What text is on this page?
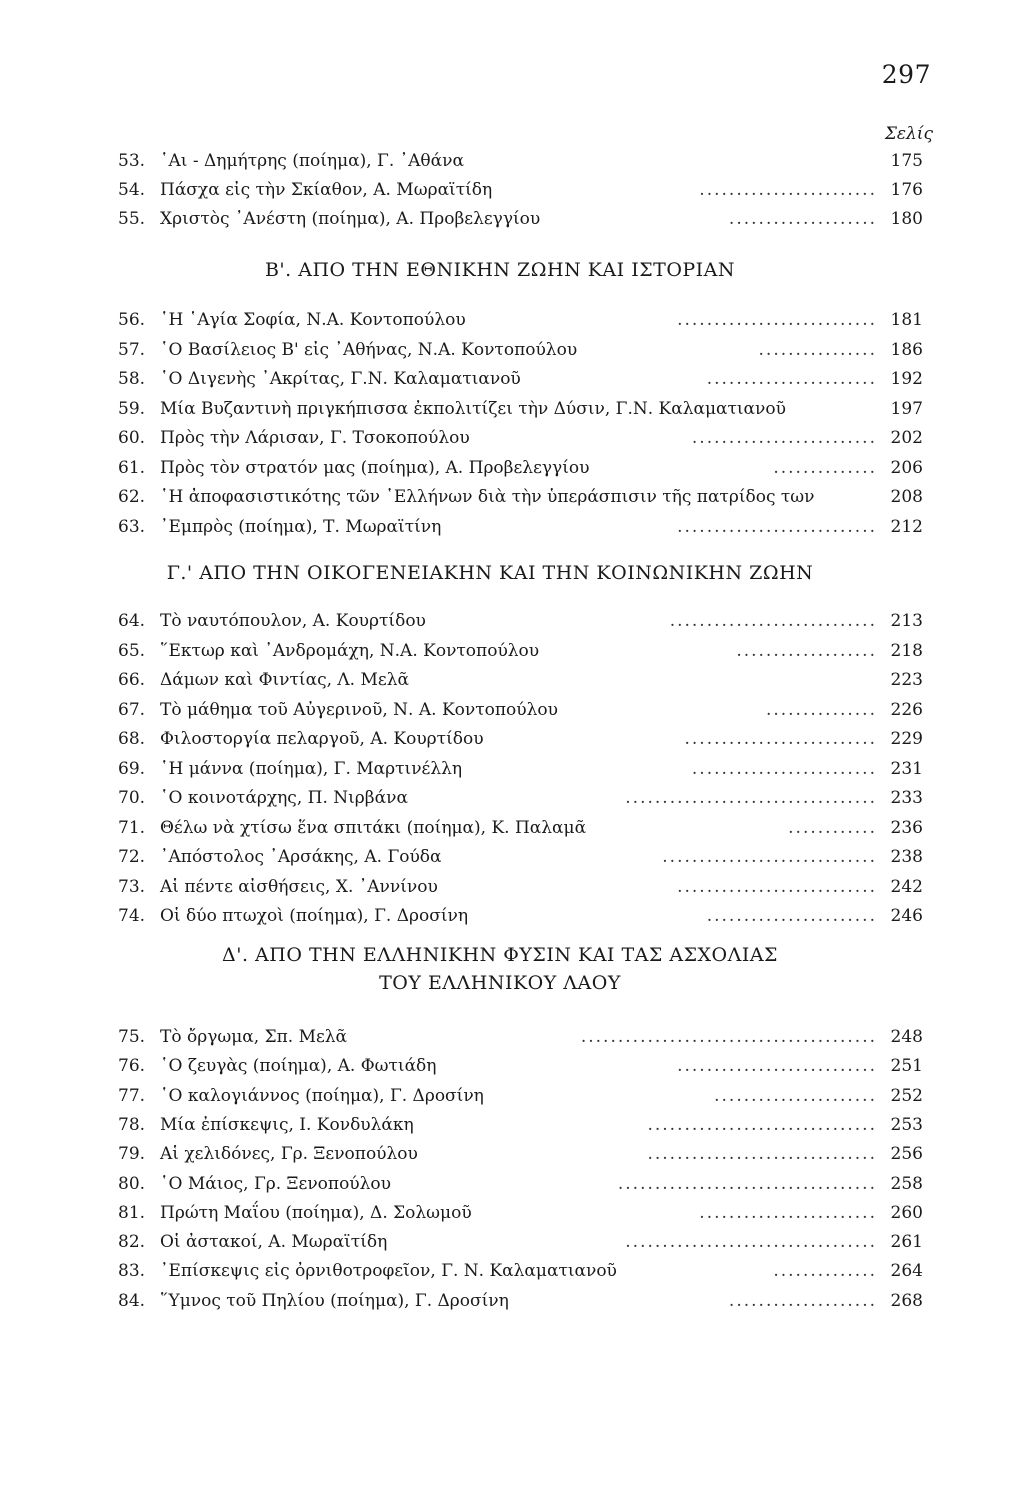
297
Σελίς
Β'. ΑΠΟ ΤΗΝ ΕΘΝΙΚΗΝ ΖΩΗΝ ΚΑΙ ΙΣΤΟΡΙΑΝ
Γ.' ΑΠΟ ΤΗΝ ΟΙΚΟΓΕΝΕΙΑΚΗΝ ΚΑΙ ΤΗΝ ΚΟΙΝΩΝΙΚΗΝ ΖΩΗΝ
Δ'. ΑΠΟ ΤΗΝ ΕΛΛΗΝΙΚΗΝ ΦΥΣΙΝ ΚΑΙ ΤΑΣ ΑΣΧΟΛΙΑΣ
ΤΟΥ ΕΛΛΗΝΙΚΟΥ ΛΑΟΥ
53. ῾Αι - Δημήτρης (ποίημα), Γ. ᾿Αθάνα	175
54. Πάσχα εἰς τὴν Σκίαθον, Α. Μωραϊτίδη	176
........................
55. Χριστὸς ᾿Ανέστη (ποίημα), Α. Προβελεγγίου	180
....................
56. ῾Η ῾Αγία Σοφία, Ν.Α. Κοντοπούλου	181
...........................
57. ῾Ο Βασίλειος Β' εἰς ᾿Αθήνας, Ν.Α. Κοντοπούλου	186
................
58. ῾Ο Διγενὴς ᾿Ακρίτας, Γ.Ν. Καλαματιανοῦ	192
.......................
59. Μία Βυζαντινὴ πριγκήπισσα ἐκπολιτίζει τὴν Δύσιν, Γ.Ν. Καλαματιανοῦ	197
60. Πρὸς τὴν Λάρισαν, Γ. Τσοκοπούλου	202
.........................
61. Πρὸς τὸν στρατόν μας (ποίημα), Α. Προβελεγγίου	206
..............
62. ῾Η ἀποφασιστικότης τῶν ῾Ελλήνων διὰ τὴν ὑπεράσπισιν τῆς πατρίδος των	208
63. ᾿Εμπρὸς (ποίημα), Τ. Μωραϊτίνη	212
...........................
64. Τὸ ναυτόπουλον, Α. Κουρτίδου	213
............................
65. ῞Εκτωρ καὶ ᾿Ανδρομάχη, Ν.Α. Κοντοπούλου	218
...................
66. Δάμων καὶ Φιντίας, Λ. Μελᾶ	223
67. Τὸ μάθημα τοῦ Αὐγερινοῦ, Ν. Α. Κοντοπούλου	226
...............
68. Φιλοστοργία πελαργοῦ, Α. Κουρτίδου	229
..........................
69. ῾Η μάννα (ποίημα), Γ. Μαρτινέλλη	231
.........................
70. ῾Ο κοινοτάρχης, Π. Νιρβάνα	233
..................................
71. Θέλω νὰ χτίσω ἕνα σπιτάκι (ποίημα), Κ. Παλαμᾶ	236
............
72. ᾿Απόστολος ᾿Αρσάκης, Α. Γούδα	238
.............................
73. Αἱ πέντε αἰσθήσεις, Χ. ᾿Αννίνου	242
...........................
74. Οἱ δύο πτωχοὶ (ποίημα), Γ. Δροσίνη	246
.......................
75. Τὸ ὄργωμα, Σπ. Μελᾶ	248
........................................
76. ῾Ο ζευγὰς (ποίημα), Α. Φωτιάδη	251
...........................
77. ῾Ο καλογιάννος (ποίημα), Γ. Δροσίνη	252
......................
78. Μία ἐπίσκεψις, Ι. Κονδυλάκη	253
...............................
79. Αἱ χελιδόνες, Γρ. Ξενοπούλου	256
...............................
80. ῾Ο Μάιος, Γρ. Ξενοπούλου	258
...................................
81. Πρώτη Μαΐου (ποίημα), Δ. Σολωμοῦ	260
........................
82. Οἱ ἀστακοί, Α. Μωραϊτίδη	261
..................................
83. ᾿Επίσκεψις εἰς ὀρνιθοτροφεῖον, Γ. Ν. Καλαματιανοῦ	264
..............
84. ῞Υμνος τοῦ Πηλίου (ποίημα), Γ. Δροσίνη	268
....................
